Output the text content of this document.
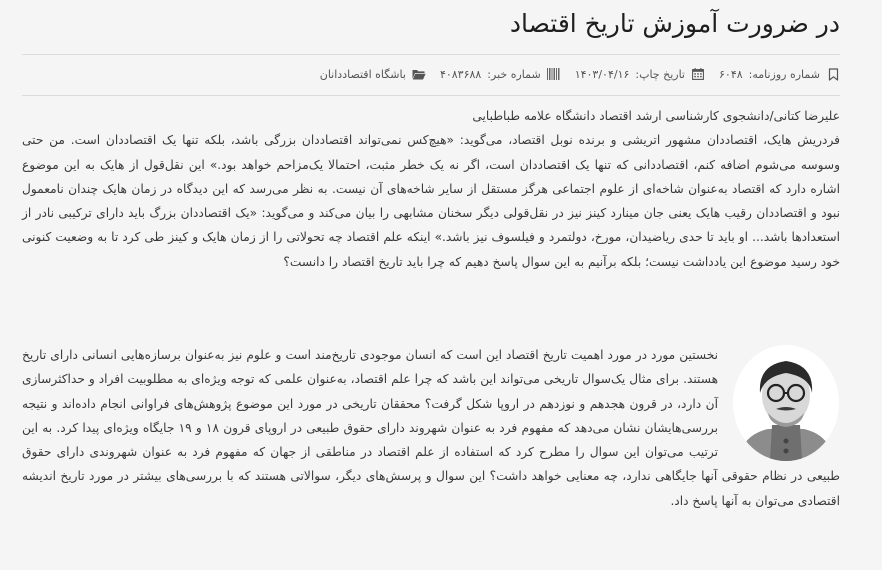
در ضرورت آموزش تاریخ اقتصاد
شماره روزنامه:
۶۰۴۸
تاریخ چاپ:
۱۴۰۳/۰۴/۱۶
شماره خبر:
۴۰۸۳۶۸۸
باشگاه اقتصاددانان

علیرضا کتانی/دانشجوی کارشناسی ارشد اقتصاد دانشگاه علامه طباطبایی

فردریش هایک، اقتصاددان مشهور اتریشی و برنده نوبل اقتصاد، می‌گوید: «هیچ‌کس نمی‌تواند اقتصاددان بزرگی باشد، بلکه تنها یک اقتصاددان است. من حتی وسوسه می‌شوم اضافه کنم، اقتصاددانی که تنها یک اقتصاددان است، اگر نه یک خطر مثبت، احتمالا یک‌مزاحم خواهد بود.» این نقل‌قول از هایک به این موضوع اشاره دارد که اقتصاد به‌عنوان شاخه‌ای از علوم اجتماعی هرگز مستقل از سایر شاخه‌های آن نیست. به نظر می‌رسد که این دیدگاه در زمان هایک چندان نامعمول نبود و اقتصاددان رقیب هایک یعنی جان مینارد کینز نیز در نقل‌قولی دیگر سخنان مشابهی را بیان می‌کند و می‌گوید: «یک اقتصاددان بزرگ باید دارای ترکیبی نادر از استعدادها باشد... او باید تا حدی ریاضیدان، مورخ، دولتمرد و فیلسوف نیز باشد.» اینکه علم اقتصاد چه تحولاتی را از زمان هایک و کینز طی کرد تا به وضعیت کنونی خود رسید موضوع این یادداشت نیست؛ بلکه برآنیم به این سوال پاسخ دهیم که چرا باید تاریخ اقتصاد را دانست؟

نخستین مورد در مورد اهمیت تاریخ اقتصاد این است که انسان موجودی تاریخ‌مند است و علوم نیز به‌عنوان برسازه‌هایی انسانی دارای تاریخ هستند. برای مثال یک‌سوال تاریخی می‌تواند این باشد که چرا علم اقتصاد، به‌عنوان علمی که توجه ویژه‌ای به مطلوبیت افراد و حداکثرسازی آن دارد، در قرون هجدهم و نوزدهم در اروپا شکل گرفت؟ محققان تاریخی در مورد این موضوع پژوهش‌های فراوانی انجام داده‌اند و نتیجه بررسی‌هایشان نشان می‌دهد که مفهوم فرد به عنوان شهروند دارای حقوق طبیعی در اروپای قرون ۱۸ و ۱۹ جایگاه ویژه‌ای پیدا کرد. به این ترتیب می‌توان این سوال را مطرح کرد که استفاده از علم اقتصاد در مناطقی از جهان که مفهوم فرد به عنوان شهروندی دارای حقوق طبیعی در نظام حقوقی آنها جایگاهی ندارد، چه معنایی خواهد داشت؟ این سوال و پرسش‌های دیگر، سوالاتی هستند که با بررسی‌های بیشتر در مورد تاریخ اندیشه اقتصادی می‌توان به آنها پاسخ داد.
